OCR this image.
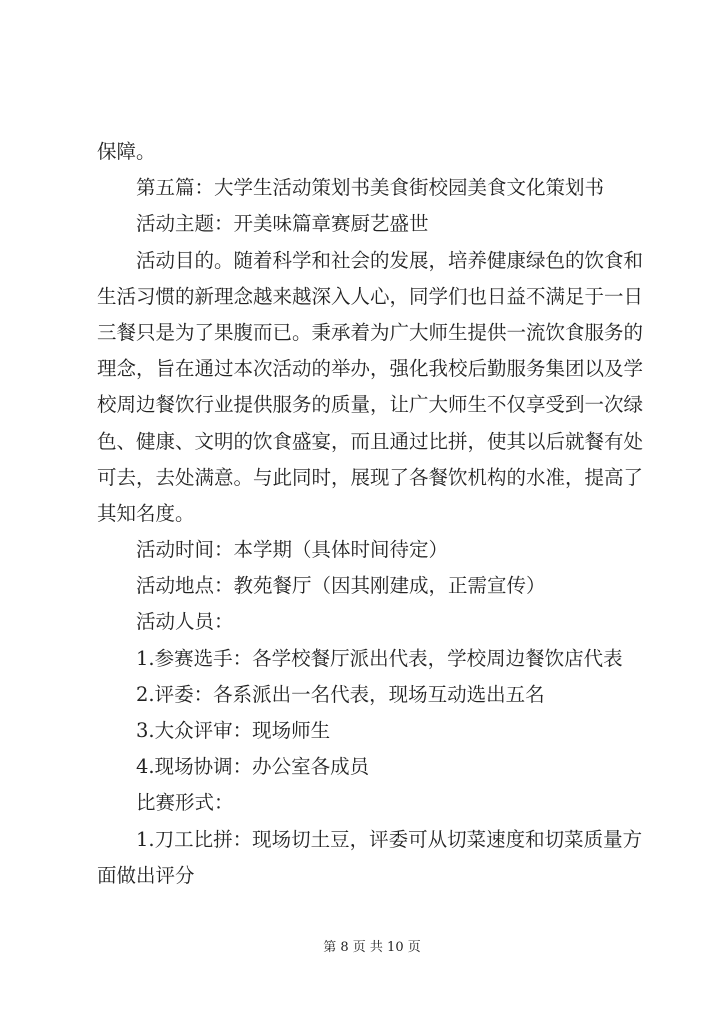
保障。
第五篇：大学生活动策划书美食街校园美食文化策划书
活动主题：开美味篇章赛厨艺盛世
活动目的。随着科学和社会的发展，培养健康绿色的饮食和
生活习惯的新理念越来越深入人心，同学们也日益不满足于一日
三餐只是为了果腹而已。秉承着为广大师生提供一流饮食服务的
理念，旨在通过本次活动的举办，强化我校后勤服务集团以及学
校周边餐饮行业提供服务的质量，让广大师生不仅享受到一次绿
色、健康、文明的饮食盛宴，而且通过比拼，使其以后就餐有处
可去，去处满意。与此同时，展现了各餐饮机构的水准，提高了
其知名度。
活动时间：本学期（具体时间待定）
活动地点：教苑餐厅（因其刚建成，正需宣传）
活动人员：
1.参赛选手：各学校餐厅派出代表，学校周边餐饮店代表
2.评委：各系派出一名代表，现场互动选出五名
3.大众评审：现场师生
4.现场协调：办公室各成员
比赛形式：
1.刀工比拼：现场切土豆，评委可从切菜速度和切菜质量方
面做出评分
第 8 页 共 10 页
